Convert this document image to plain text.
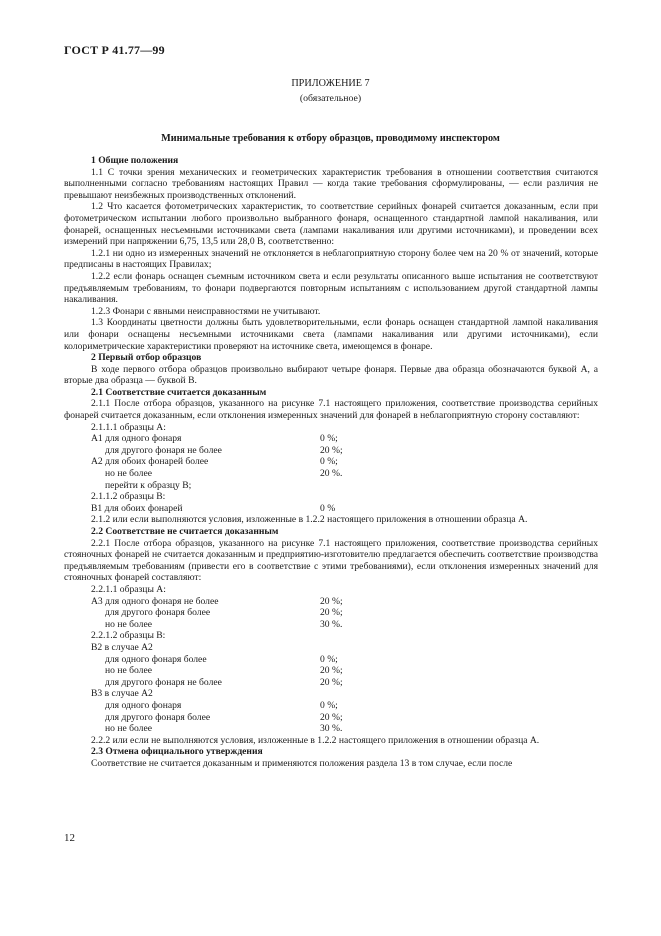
ГОСТ Р 41.77—99
ПРИЛОЖЕНИЕ 7
(обязательное)
Минимальные требования к отбору образцов, проводимому инспектором

1 Общие положения

1.1 С точки зрения механических и геометрических характеристик требования в отношении соответствия считаются выполненными согласно требованиям настоящих Правил — когда такие требования сформулированы, — если различия не превышают неизбежных производственных отклонений.

1.2 Что касается фотометрических характеристик, то соответствие серийных фонарей считается доказанным, если при фотометрическом испытании любого произвольно выбранного фонаря, оснащенного стандартной лампой накаливания, или фонарей, оснащенных несъемными источниками света (лампами накаливания или другими источниками), и проведении всех измерений при напряжении 6,75, 13,5 или 28,0 В, соответственно:

1.2.1 ни одно из измеренных значений не отклоняется в неблагоприятную сторону более чем на 20 % от значений, которые предписаны в настоящих Правилах;

1.2.2 если фонарь оснащен съемным источником света и если результаты описанного выше испытания не соответствуют предъявляемым требованиям, то фонари подвергаются повторным испытаниям с использованием другой стандартной лампы накаливания.

1.2.3 Фонари с явными неисправностями не учитывают.

1.3 Координаты цветности должны быть удовлетворительными, если фонарь оснащен стандартной лампой накаливания или фонари оснащены несъемными источниками света (лампами накаливания или другими источниками), если колориметрические характеристики проверяют на источнике света, имеющемся в фонаре.

2 Первый отбор образцов

В ходе первого отбора образцов произвольно выбирают четыре фонаря. Первые два образца обозначаются буквой А, а вторые два образца — буквой В.

2.1 Соответствие считается доказанным

2.1.1 После отбора образцов, указанного на рисунке 7.1 настоящего приложения, соответствие производства серийных фонарей считается доказанным, если отклонения измеренных значений для фонарей в неблагоприятную сторону составляют:

2.1.1.1 образцы А:
А1 для одного фонаря	0 %;
для другого фонаря не более	20 %;
А2 для обоих фонарей более	0 %;
но не более	20 %.
перейти к образцу В;
2.1.1.2 образцы В:
В1 для обоих фонарей	0 %

2.1.2 или если выполняются условия, изложенные в 1.2.2 настоящего приложения в отношении образца А.

2.2 Соответствие не считается доказанным

2.2.1 После отбора образцов, указанного на рисунке 7.1 настоящего приложения, соответствие производства серийных стояночных фонарей не считается доказанным и предприятию-изготовителю предлагается обеспечить соответствие производства предъявляемым требованиям (привести его в соответствие с этими требованиями), если отклонения измеренных значений для стояночных фонарей составляют:

2.2.1.1 образцы А:
А3 для одного фонаря не более	20 %;
для другого фонаря более	20 %;
но не более	30 %.
2.2.1.2 образцы В:
В2 в случае А2
для одного фонаря более	0 %;
но не более	20 %;
для другого фонаря не более	20 %;
В3 в случае А2
для одного фонаря	0 %;
для другого фонаря более	20 %;
но не более	30 %.

2.2.2 или если не выполняются условия, изложенные в 1.2.2 настоящего приложения в отношении образца А.

2.3 Отмена официального утверждения

Соответствие не считается доказанным и применяются положения раздела 13 в том случае, если после

12
